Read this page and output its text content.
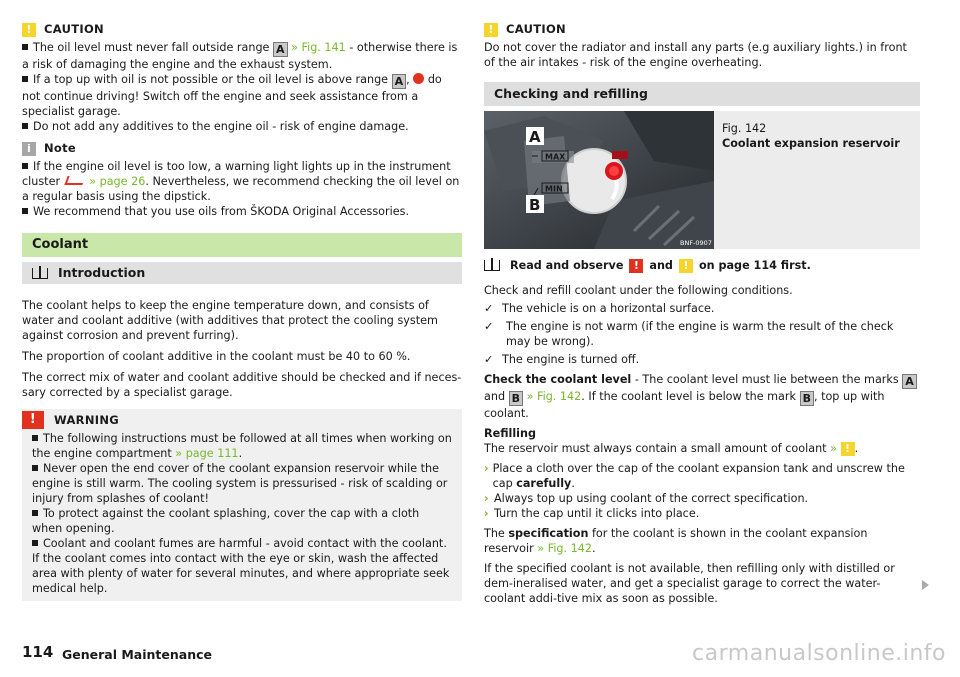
!	CAUTION

The oil level must never fall outside range A » Fig. 141 - otherwise there is a risk of damaging the engine and the exhaust system.

If a top up with oil is not possible or the oil level is above range A ,  do not continue driving! Switch off the engine and seek assistance from a specialist garage.

Do not add any additives to the engine oil - risk of engine damage.

i	Note

If the engine oil level is too low, a warning light lights up in the instrument cluster	» page 26. Nevertheless, we recommend checking the oil level on a regular basis using the dipstick.

We recommend that you use oils from ŠKODA Original Accessories.

Coolant
Introduction

The coolant helps to keep the engine temperature down, and consists of water and coolant additive (with additives that protect the cooling system against corrosion and prevent furring).

The proportion of coolant additive in the coolant must be 40 to 60 %.

The correct mix of water and coolant additive should be checked and if neces-sary corrected by a specialist garage.

!	WARNING

The following instructions must be followed at all times when working on the engine compartment » page 111.

Never open the end cover of the coolant expansion reservoir while the engine is still warm. The cooling system is pressurised - risk of scalding or injury from splashes of coolant!

To protect against the coolant splashing, cover the cap with a cloth when opening.

Coolant and coolant fumes are harmful - avoid contact with the coolant. If the coolant comes into contact with the eye or skin, wash the affected area with plenty of water for several minutes, and where appropriate seek medical help.

!	CAUTION

Do not cover the radiator and install any parts (e.g auxiliary lights.) in front of the air intakes - risk of the engine overheating.

Checking and refilling
MAX
MIN
A
B
BNF-0907

Fig. 142

Coolant expansion reservoir

Read and observe ! and ! on page 114 first.

Check and refill coolant under the following conditions.

✓ The vehicle is on a horizontal surface.

✓	The engine is not warm (if the engine is warm the result of the check may be wrong).

✓ The engine is turned off.

Check the coolant level - The coolant level must lie between the marks A and B » Fig. 142. If the coolant level is below the mark B , top up with coolant.

Refilling

The reservoir must always contain a small amount of coolant » ! .

› Place a cloth over the cap of the coolant expansion tank and unscrew the cap carefully.

› Always top up using coolant of the correct specification.

› Turn the cap until it clicks into place.

The specification for the coolant is shown in the coolant expansion reservoir » Fig. 142.

If the specified coolant is not available, then refilling only with distilled or dem-ineralised water, and get a specialist garage to correct the water-coolant addi-tive mix as soon as possible.

114 General Maintenance	carmanualsonline.info
